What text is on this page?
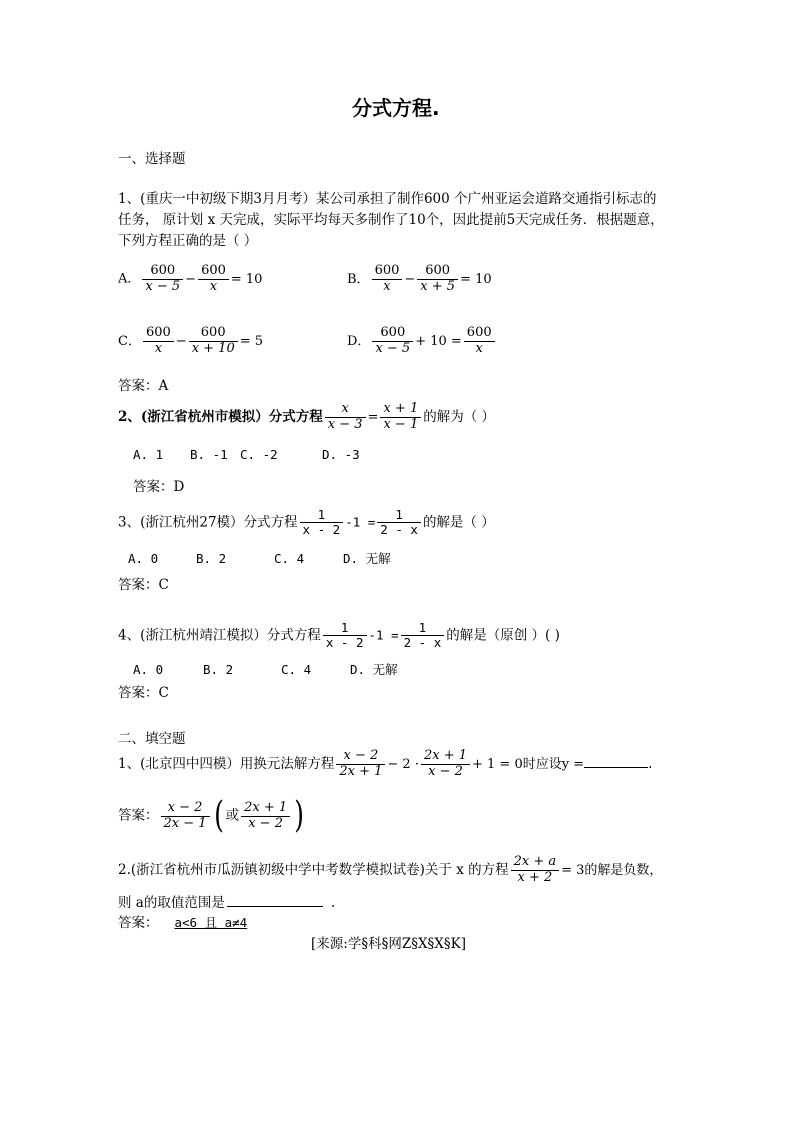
分式方程.
一、选择题
1、(重庆一中初级下期3月月考）某公司承担了制作600 个广州亚运会道路交通指引标志的
任务， 原计划 x 天完成，实际平均每天多制作了10个，因此提前5天完成任务．根据题意，
下列方程正确的是（ ）
A． $\frac{600}{x - 5} - \frac{600}{x} = 10$	B． $\frac{600}{x} - \frac{600}{x + 5} = 10$
C． $\frac{600}{x} - \frac{600}{x + 10} = 5$	D． $\frac{600}{x - 5} + 10 = \frac{600}{x}$
答案：A
2、(浙江省杭州市模拟）分式方程 $\frac{x}{x - 3} = \frac{x + 1}{x - 1}$ 的解为（ ）
A. 1 B. -1 C. -2	D. -3
答案：D
3、(浙江杭州27模）分式方程 $\frac{1}{x - 2} -1 = \frac{1}{2 - x}$ 的解是（ ）
A. 0	B. 2	C. 4	D. 无解
答案：C
4、(浙江杭州靖江模拟）分式方程 $\frac{1}{x - 2} -1 = \frac{1}{2 - x}$ 的解是（原创 ）( )
A. 0	B. 2	C. 4	D. 无解
答案：C
二、填空题
1、(北京四中四模）用换元法解方程 $\frac{x - 2}{2x + 1} - 2 \cdot \frac{2x + 1}{x - 2} + 1 = 0$时应设y =	.
答案： $\frac{x - 2}{2x - 1}$ ( 或 $\frac{2x + 1}{x - 2}$ )
2.(浙江省杭州市瓜沥镇初级中学中考数学模拟试卷)关于 x 的方程 $\frac{2x + a}{x + 2} = 3$的解是负数，
则 a的取值范围是	.
答案： a<6 且 a≠4
[来源:学§科§网Z§X§X§K]
